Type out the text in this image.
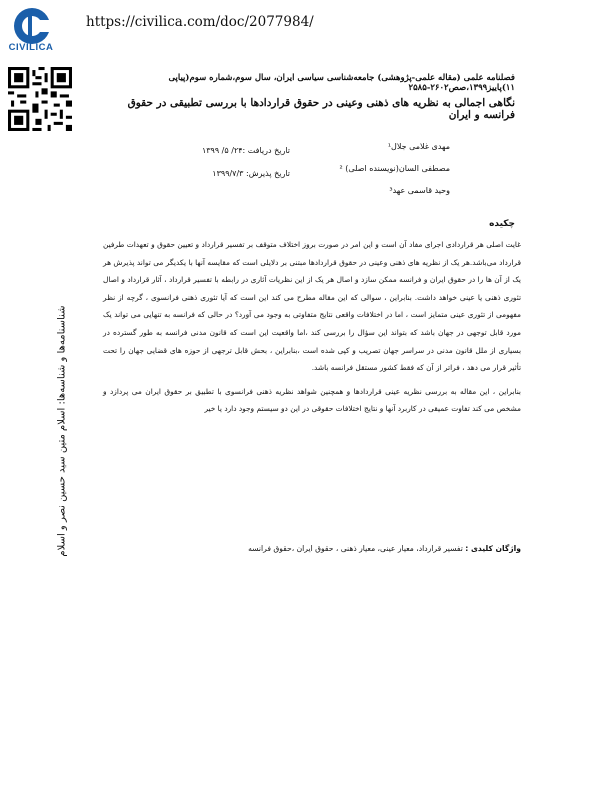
CIVILICA
https://civilica.com/doc/2077984/
شناسنامه‌ها و شناسه‌ها: اسلام متین سید حسین نصر و اسلام
فصلنامه علمی (مقاله علمی-پژوهشی) جامعه‌شناسی سیاسی ایران، سال سوم،شماره سوم(پیاپی ۱۱)پاییز۱۳۹۹،صص۲۶۰۲-۲۵۸۵
نگاهی اجمالی به نظریه های ذهنی وعینی در حقوق قراردادها با بررسی تطبیقی در حقوق فرانسه و ایران
مهدی غلامی جلال¹
مصطفی السان(نویسنده اصلی) ²
وحید قاسمی عهد³
تاریخ دریافت :۲۴/ ۵/ ۱۳۹۹
تاریخ پذیرش: ۱۳۹۹/۷/۳
چکیده

غایت اصلی هر قراردادی اجرای مفاد آن است و این امر در صورت بروز اختلاف متوقف بر تفسیر قرارداد و تعیین حقوق و تعهدات طرفین قرارداد می‌باشد.هر یک از نظریه های ذهنی وعینی در حقوق قراردادها مبتنی بر دلایلی است که مقایسه آنها با یکدیگر می تواند پذیرش هر یک از آن ها را در حقوق ایران و فرانسه ممکن سازد و اصال هر یک از این نظریات آثاری در رابطه با تفسیر قرارداد ، آثار قرارداد و اصال تئوری ذهنی یا عینی خواهد داشت. بنابراین ، سوالی که این مقاله مطرح می کند این است که آیا تئوری ذهنی فرانسوی ، گرچه از نظر مفهومی از تئوری عینی متمایز است ، اما در اختلافات واقعی نتایج متفاوتی به وجود می آورد؟ در حالی که فرانسه به تنهایی می تواند یک مورد قابل توجهی در جهان باشد که بتواند این سؤال را بررسی کند ،اما واقعیت این است که قانون مدنی فرانسه به طور گسترده در بسیاری از ملل قانون مدنی در سراسر جهان تصریب و کپی شده است ،بنابراین ، بحش قابل ترجهی از حوزه های قضایی جهان را تحت تأثیر قرار می دهد ، فراتر از آن که فقط کشور مستقل فرانسه باشد.

بنابراین ، این مقاله به بررسی نظریه عینی قراردادها و همچنین شواهد نظریه ذهنی فرانسوی با تطبیق بر حقوق ایران می پردازد و مشخص می کند تفاوت عمیقی در کاربرد آنها و نتایج اختلافات حقوقی در این دو سیستم وجود دارد یا خیر

واژگان کلیدی : تفسیر قرارداد، معیار عینی، معیار ذهنی ، حقوق ایران ،حقوق فرانسه
